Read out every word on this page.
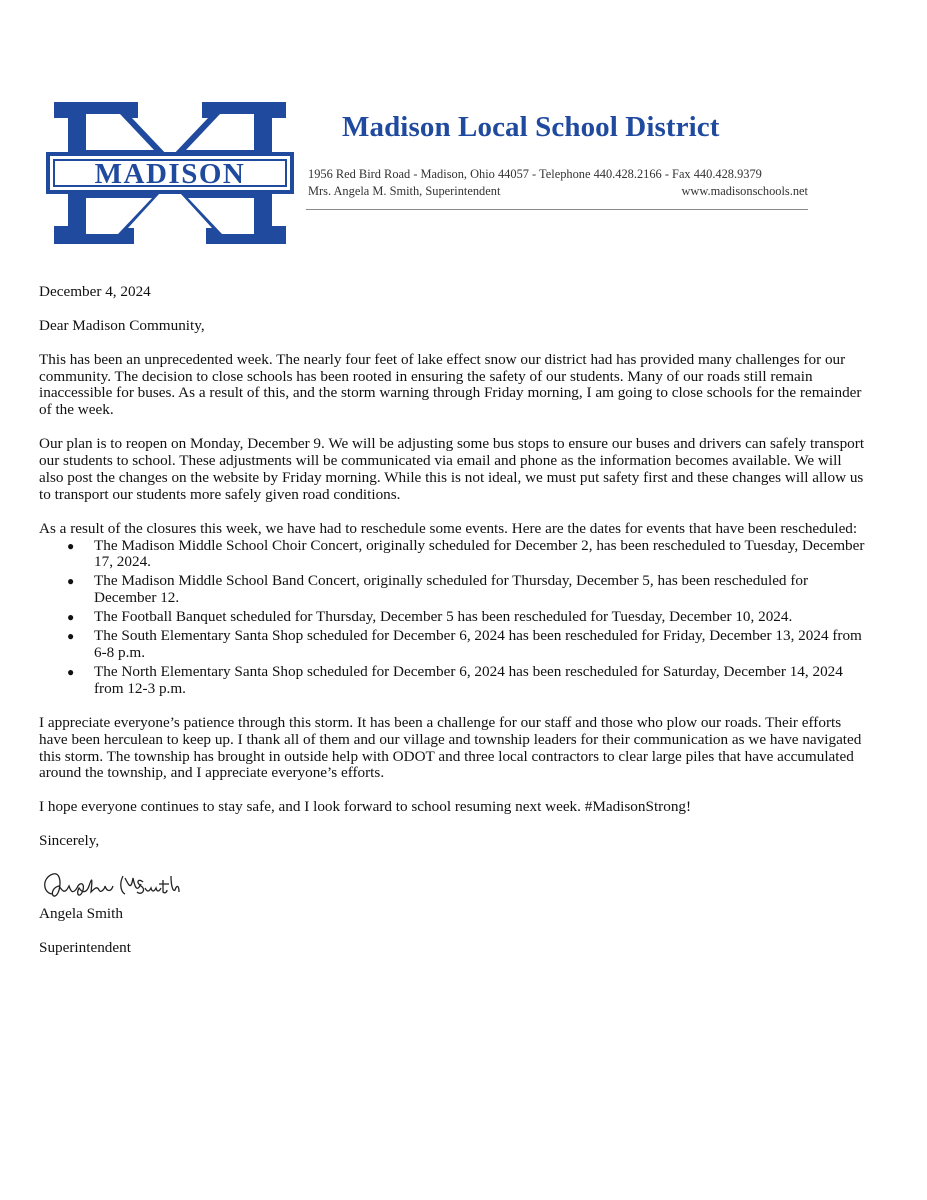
MADISON
Madison Local School District
1956 Red Bird Road - Madison, Ohio 44057 - Telephone 440.428.2166 - Fax 440.428.9379
Mrs. Angela M. Smith, Superintendent	www.madisonschools.net

December 4, 2024

Dear Madison Community,

This has been an unprecedented week. The nearly four feet of lake effect snow our district had has provided many challenges for our community. The decision to close schools has been rooted in ensuring the safety of our students. Many of our roads still remain inaccessible for buses. As a result of this, and the storm warning through Friday morning, I am going to close schools for the remainder of the week.

Our plan is to reopen on Monday, December 9. We will be adjusting some bus stops to ensure our buses and drivers can safely transport our students to school. These adjustments will be communicated via email and phone as the information becomes available. We will also post the changes on the website by Friday morning. While this is not ideal, we must put safety first and these changes will allow us to transport our students more safely given road conditions.

As a result of the closures this week, we have had to reschedule some events. Here are the dates for events that have been rescheduled:

● The Madison Middle School Choir Concert, originally scheduled for December 2, has been rescheduled to Tuesday, December 17, 2024.
● The Madison Middle School Band Concert, originally scheduled for Thursday, December 5, has been rescheduled for December 12.
● The Football Banquet scheduled for Thursday, December 5 has been rescheduled for Tuesday, December 10, 2024.
● The South Elementary Santa Shop scheduled for December 6, 2024 has been rescheduled for Friday, December 13, 2024 from 6-8 p.m.
● The North Elementary Santa Shop scheduled for December 6, 2024 has been rescheduled for Saturday, December 14, 2024 from 12-3 p.m.

I appreciate everyone’s patience through this storm. It has been a challenge for our staff and those who plow our roads. Their efforts have been herculean to keep up. I thank all of them and our village and township leaders for their communication as we have navigated this storm. The township has brought in outside help with ODOT and three local contractors to clear large piles that have accumulated around the township, and I appreciate everyone’s efforts.

I hope everyone continues to stay safe, and I look forward to school resuming next week. #MadisonStrong!

Sincerely,

Angela Smith

Superintendent
